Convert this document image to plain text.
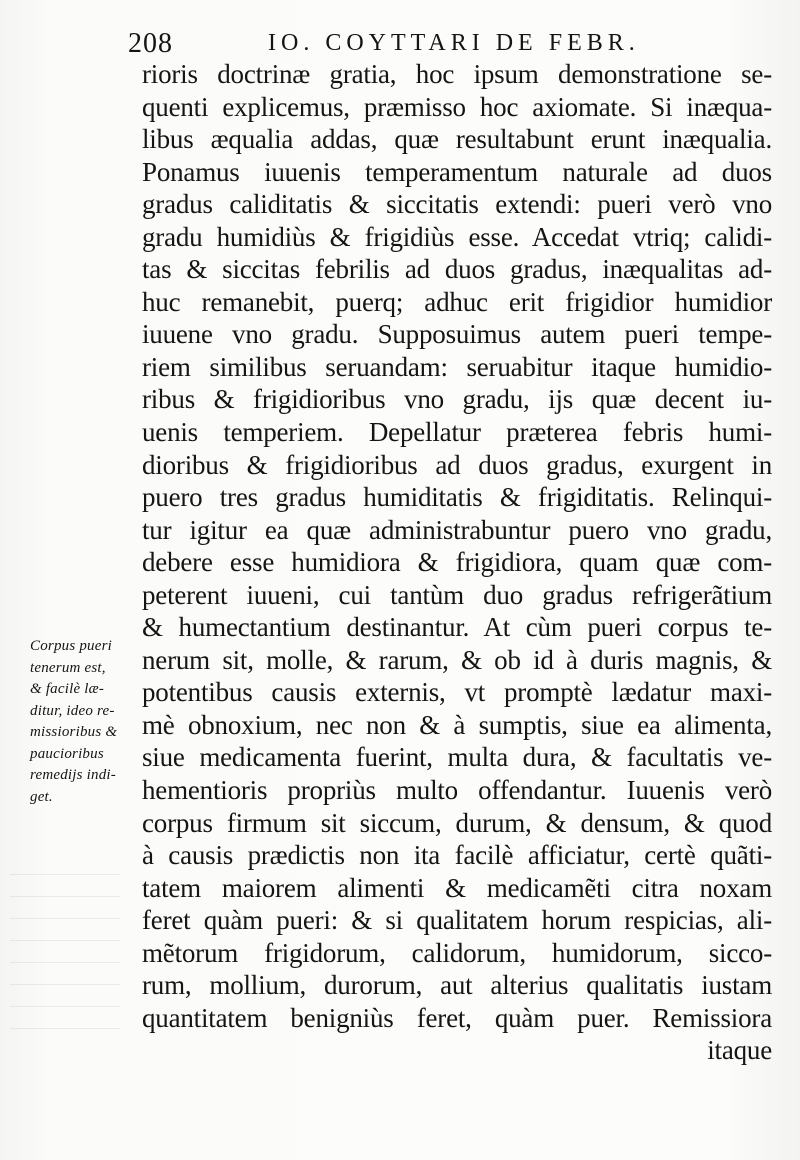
208	IO. COYTTARI DE FEBR.
rioris doctrinæ gratia, hoc ipsum demonstratione se-
quenti explicemus, præmisso hoc axiomate. Si inæqua-
libus æqualia addas, quæ resultabunt erunt inæqualia.
Ponamus iuuenis temperamentum naturale ad duos
gradus caliditatis & siccitatis extendi: pueri verò vno
gradu humidiùs & frigidiùs esse. Accedat vtriq; calidi-
tas & siccitas febrilis ad duos gradus, inæqualitas ad-
huc remanebit, puerq; adhuc erit frigidior humidior
iuuene vno gradu. Supposuimus autem pueri tempe-
riem similibus seruandam: seruabitur itaque humidio-
ribus & frigidioribus vno gradu, ijs quæ decent iu-
uenis temperiem. Depellatur præterea febris humi-
dioribus & frigidioribus ad duos gradus, exurgent in
puero tres gradus humiditatis & frigiditatis. Relinqui-
tur igitur ea quæ administrabuntur puero vno gradu,
debere esse humidiora & frigidiora, quam quæ com-
peterent iuueni, cui tantùm duo gradus refrigerãtium
& humectantium destinantur. At cùm pueri corpus te-
nerum sit, molle, & rarum, & ob id à duris magnis, &
potentibus causis externis, vt promptè lædatur maxi-
mè obnoxium, nec non & à sumptis, siue ea alimenta,
siue medicamenta fuerint, multa dura, & facultatis ve-
hementioris propriùs multo offendantur. Iuuenis verò
corpus firmum sit siccum, durum, & densum, & quod
à causis prædictis non ita facilè afficiatur, certè quãti-
tatem maiorem alimenti & medicamẽti citra noxam
feret quàm pueri: & si qualitatem horum respicias, ali-
mẽtorum frigidorum, calidorum, humidorum, sicco-
rum, mollium, durorum, aut alterius qualitatis iustam
quantitatem benigniùs feret, quàm puer. Remissiora
itaque
Corpus pueri
tenerum est,
& facilè læ-
ditur, ideo re-
missioribus &
paucioribus
remedijs indi-
get.
